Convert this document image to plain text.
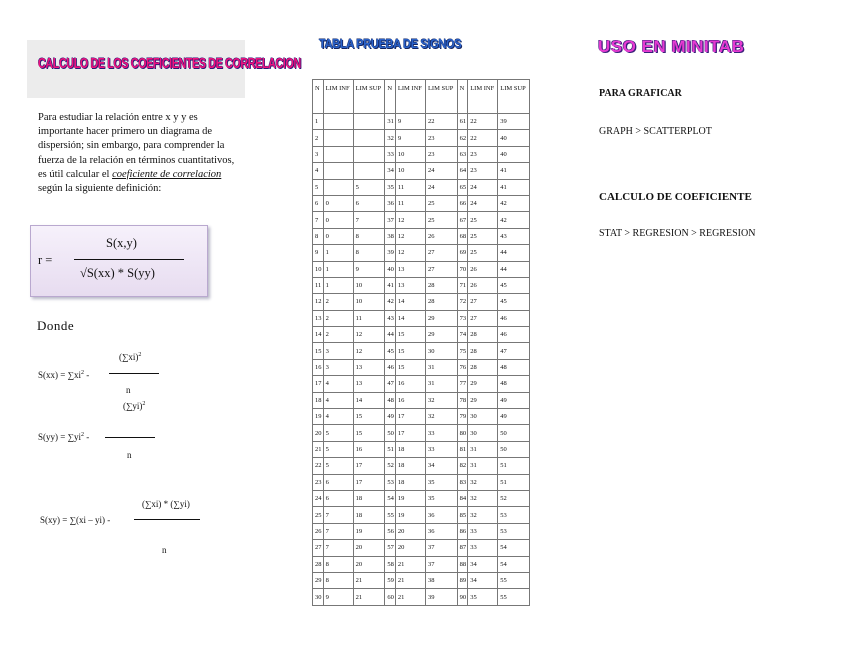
CALCULO DE LOS COEFICIENTES DE CORRELACION
Para estudiar la relación entre x y y es importante hacer primero un diagrama de dispersión; sin embargo, para comprender la fuerza de la relación en términos cuantitativos, es útil calcular el coeficiente de correlacion según la siguiente definición:
r =
S(x,y)
√S(xx) * S(yy)
Donde
$(\sum xi)^2$
$S(xx) = \sum xi^2$ -
n
$(\sum yi)^2$
$S(yy) = \sum yi^2$ -
n
(∑xi) * (∑yi)
S(xy) = ∑(xi – yi) -
n
TABLA PRUEBA DE SIGNOS
N	LIM INF	LIM SUP	N	LIM INF	LIM SUP	N	LIM INF	LIM SUP
1			31	9	22	61	22	39
2			32	9	23	62	22	40
3			33	10	23	63	23	40
4			34	10	24	64	23	41
5		5	35	11	24	65	24	41
6	0	6	36	11	25	66	24	42
7	0	7	37	12	25	67	25	42
8	0	8	38	12	26	68	25	43
9	1	8	39	12	27	69	25	44
10	1	9	40	13	27	70	26	44
11	1	10	41	13	28	71	26	45
12	2	10	42	14	28	72	27	45
13	2	11	43	14	29	73	27	46
14	2	12	44	15	29	74	28	46
15	3	12	45	15	30	75	28	47
16	3	13	46	15	31	76	28	48
17	4	13	47	16	31	77	29	48
18	4	14	48	16	32	78	29	49
19	4	15	49	17	32	79	30	49
20	5	15	50	17	33	80	30	50
21	5	16	51	18	33	81	31	50
22	5	17	52	18	34	82	31	51
23	6	17	53	18	35	83	32	51
24	6	18	54	19	35	84	32	52
25	7	18	55	19	36	85	32	53
26	7	19	56	20	36	86	33	53
27	7	20	57	20	37	87	33	54
28	8	20	58	21	37	88	34	54
29	8	21	59	21	38	89	34	55
30	9	21	60	21	39	90	35	55
USO EN MINITAB
PARA GRAFICAR
GRAPH > SCATTERPLOT
CALCULO DE COEFICIENTE
STAT > REGRESION > REGRESION
